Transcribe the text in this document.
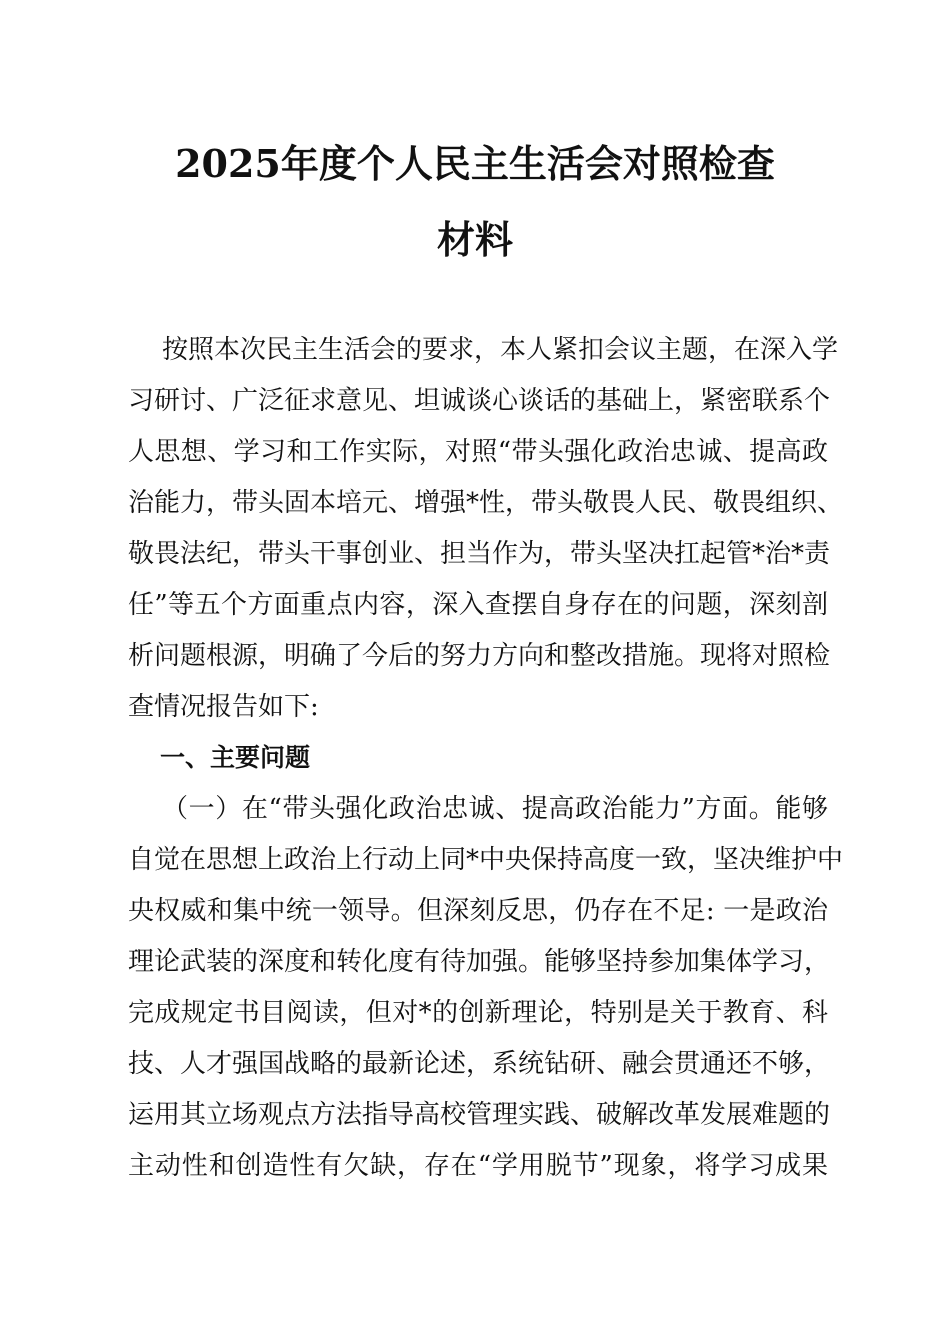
2025年度个人民主生活会对照检查
材料

按照本次民主生活会的要求，本人紧扣会议主题，在深入学

习研讨、广泛征求意见、坦诚谈心谈话的基础上，紧密联系个

人思想、学习和工作实际，对照“带头强化政治忠诚、提高政

治能力，带头固本培元、增强*性，带头敬畏人民、敬畏组织、

敬畏法纪，带头干事创业、担当作为，带头坚决扛起管*治*责

任”等五个方面重点内容，深入查摆自身存在的问题，深刻剖

析问题根源，明确了今后的努力方向和整改措施。现将对照检

查情况报告如下:

一、主要问题

（一）在“带头强化政治忠诚、提高政治能力”方面。能够

自觉在思想上政治上行动上同*中央保持高度一致，坚决维护中

央权威和集中统一领导。但深刻反思，仍存在不足: 一是政治

理论武装的深度和转化度有待加强。能够坚持参加集体学习，

完成规定书目阅读，但对*的创新理论，特别是关于教育、科

技、人才强国战略的最新论述，系统钻研、融会贯通还不够，

运用其立场观点方法指导高校管理实践、破解改革发展难题的

主动性和创造性有欠缺，存在“学用脱节”现象，将学习成果
